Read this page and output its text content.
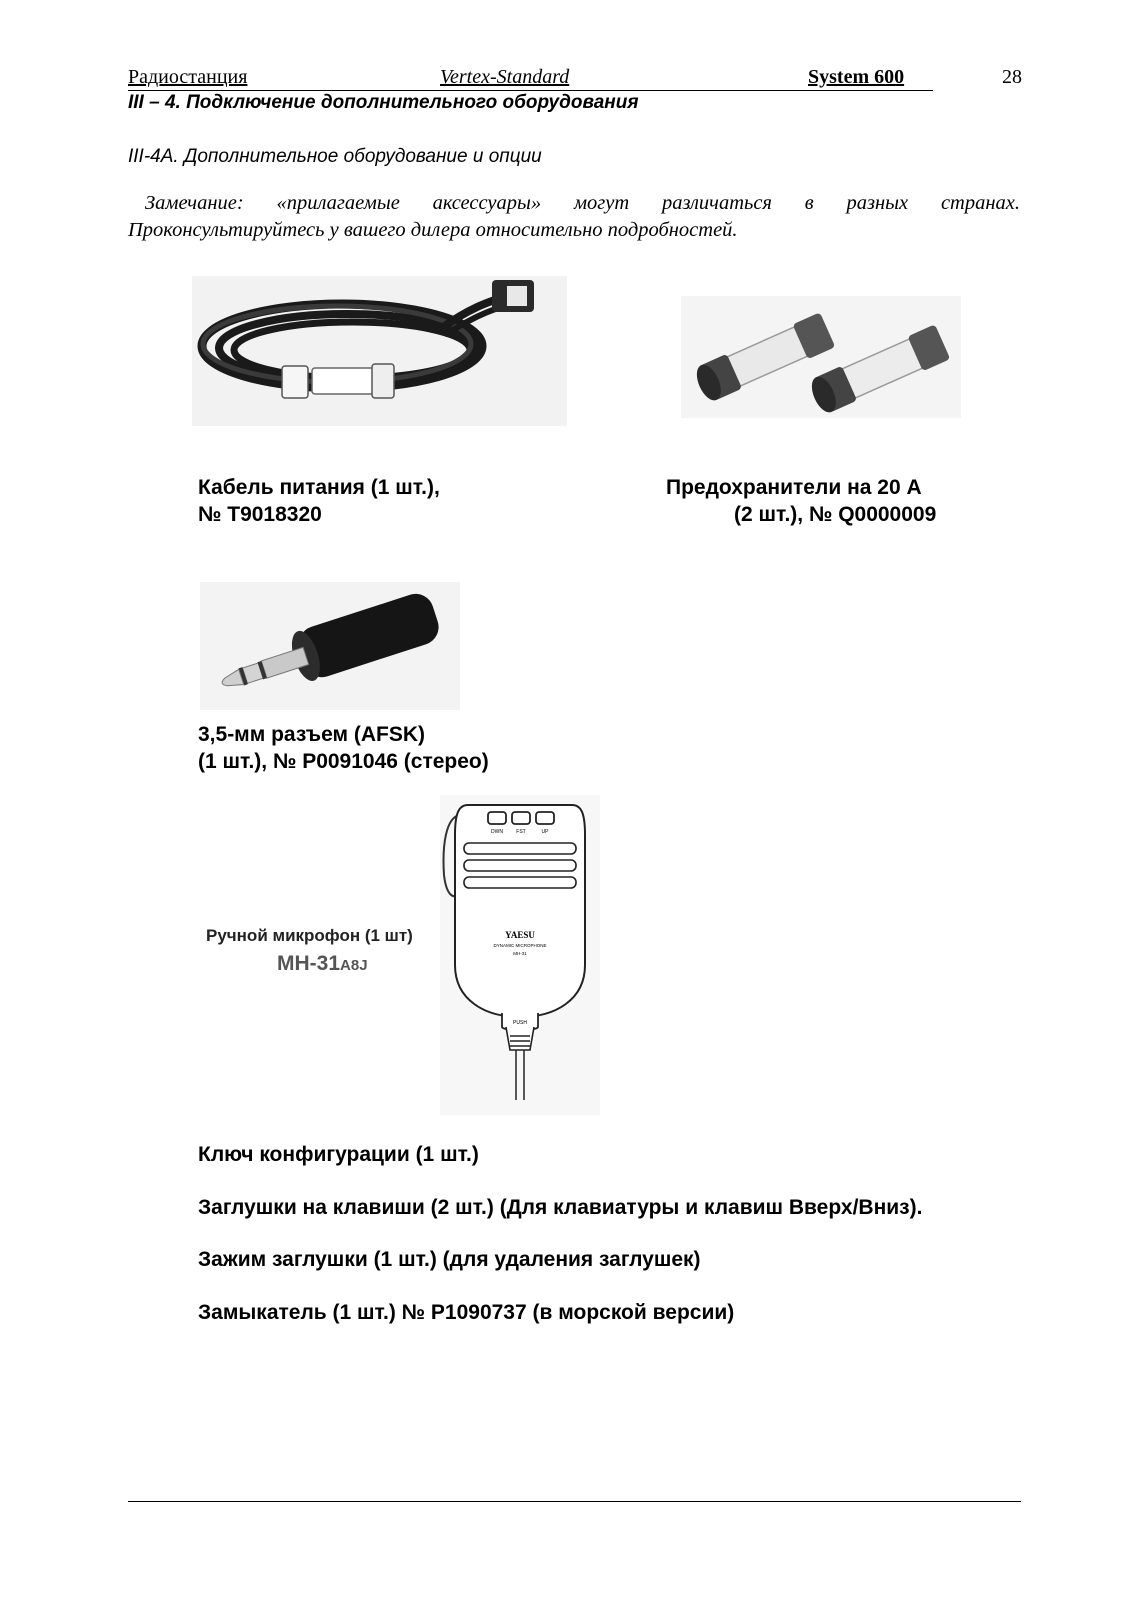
Радиостанция	Vertex-Standard	System 600	28
III – 4. Подключение дополнительного оборудования
III-4A. Дополнительное оборудование и опции
Замечание: «прилагаемые аксессуары» могут различаться в разных странах. Проконсультируйтесь у вашего дилера относительно подробностей.
Кабель питания (1 шт.),
№ T9018320
Предохранители на 20 А
(2 шт.), № Q0000009
3,5-мм разъем (AFSK)
(1 шт.), № P0091046 (стерео)
Ручной микрофон (1 шт)
MH-31A8J
DWN	FST	UP
YAESU
DYNAMIC MICROPHONE
MH-31
PUSH
Ключ конфигурации (1 шт.)
Заглушки на клавиши (2 шт.) (Для клавиатуры и клавиш Вверх/Вниз).
Зажим заглушки (1 шт.) (для удаления заглушек)
Замыкатель (1 шт.) № P1090737 (в морской версии)
